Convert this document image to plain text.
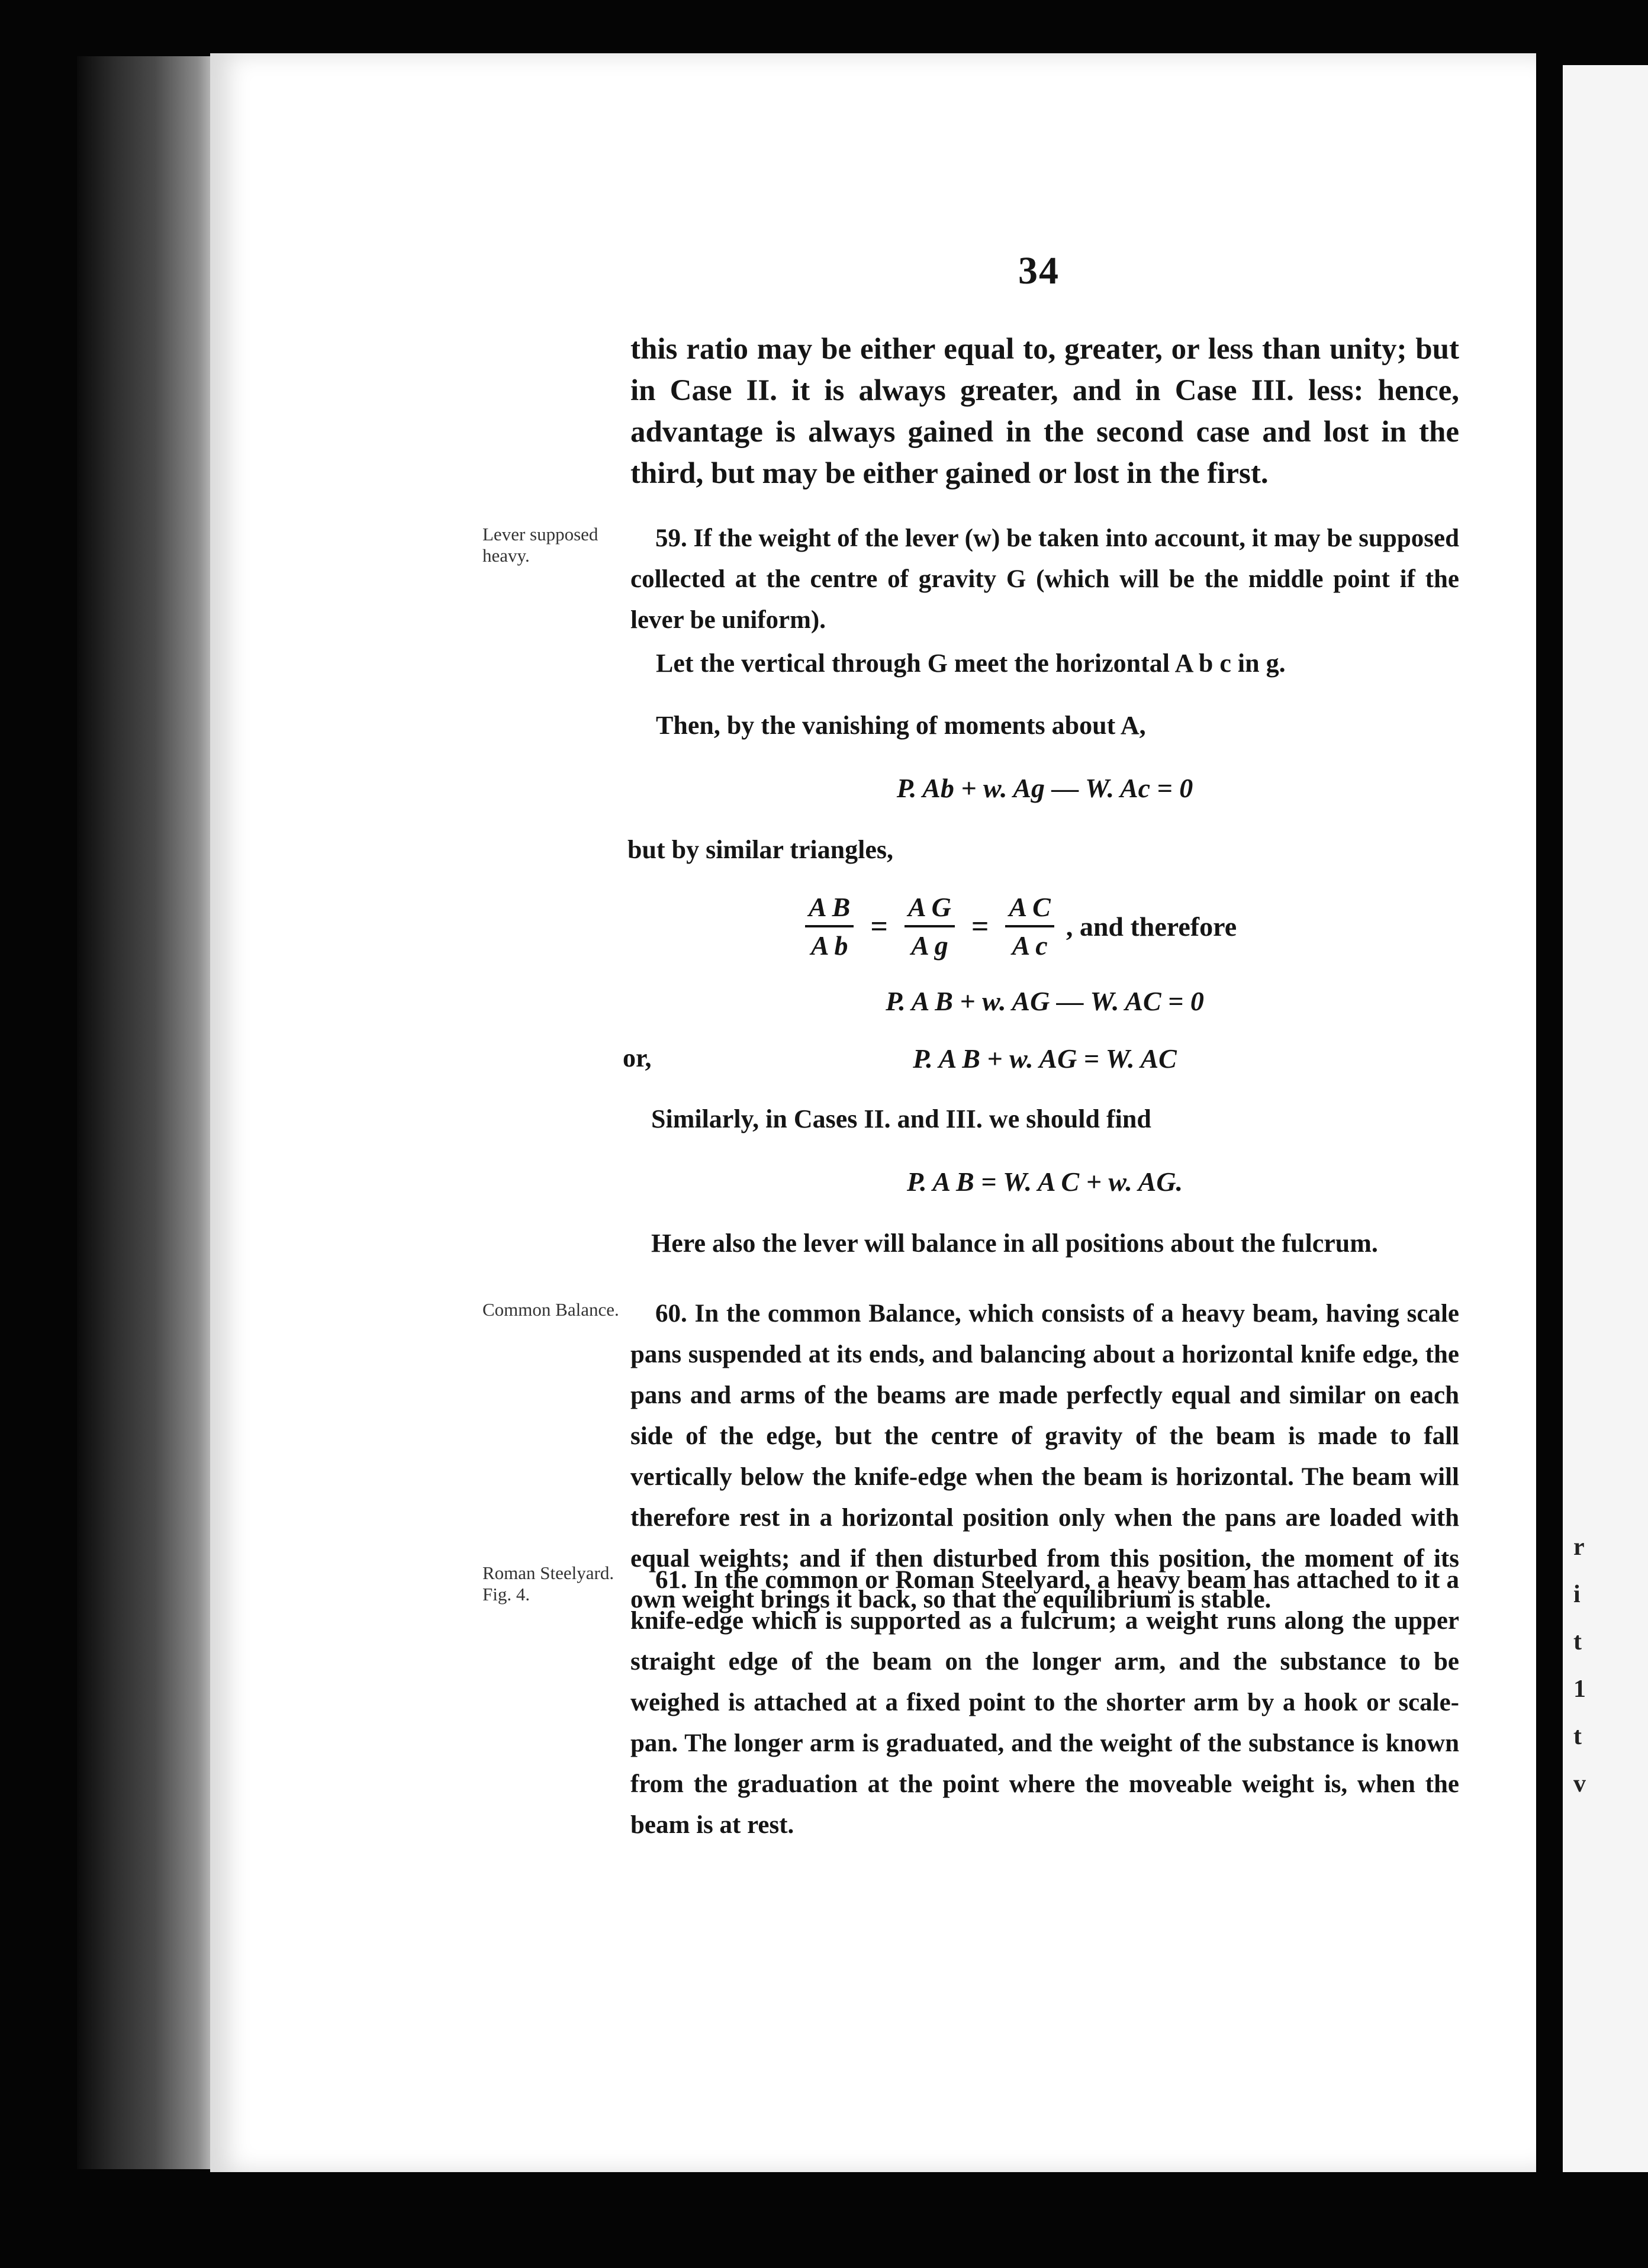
r
i
t
1
t
v
34
this ratio may be either equal to, greater, or less than unity; but in Case II. it is always greater, and in Case III. less: hence, advantage is always gained in the second case and lost in the third, but may be either gained or lost in the first.
Lever supposed heavy.
59. If the weight of the lever (w) be taken into account, it may be supposed collected at the centre of gravity G (which will be the middle point if the lever be uniform).
Let the vertical through G meet the horizontal A b c in g.
Then, by the vanishing of moments about A,
P. Ab + w. Ag — W. Ac = 0
but by similar triangles,
$\frac{\text{A B}}{\text{A b}} = \frac{\text{A G}}{\text{A g}} = \frac{\text{A C}}{\text{A c}}$ , and therefore
P. A B + w. AG — W. AC = 0
or,	P. A B + w. AG = W. AC
Similarly, in Cases II. and III. we should find
P. A B = W. A C + w. AG.
Here also the lever will balance in all positions about the fulcrum.
Common Balance.	60. In the common Balance, which consists of a heavy beam, having scale pans suspended at its ends, and balancing about a horizontal knife edge, the pans and arms of the beams are made perfectly equal and similar on each side of the edge, but the centre of gravity of the beam is made to fall vertically below the knife-edge when the beam is horizontal. The beam will therefore rest in a horizontal position only when the pans are loaded with equal weights; and if then disturbed from this position, the moment of its own weight brings it back, so that the equilibrium is stable.
Roman Steelyard. Fig. 4.
61. In the common or Roman Steelyard, a heavy beam has attached to it a knife-edge which is supported as a fulcrum; a weight runs along the upper straight edge of the beam on the longer arm, and the substance to be weighed is attached at a fixed point to the shorter arm by a hook or scale-pan. The longer arm is graduated, and the weight of the substance is known from the graduation at the point where the moveable weight is, when the beam is at rest.
